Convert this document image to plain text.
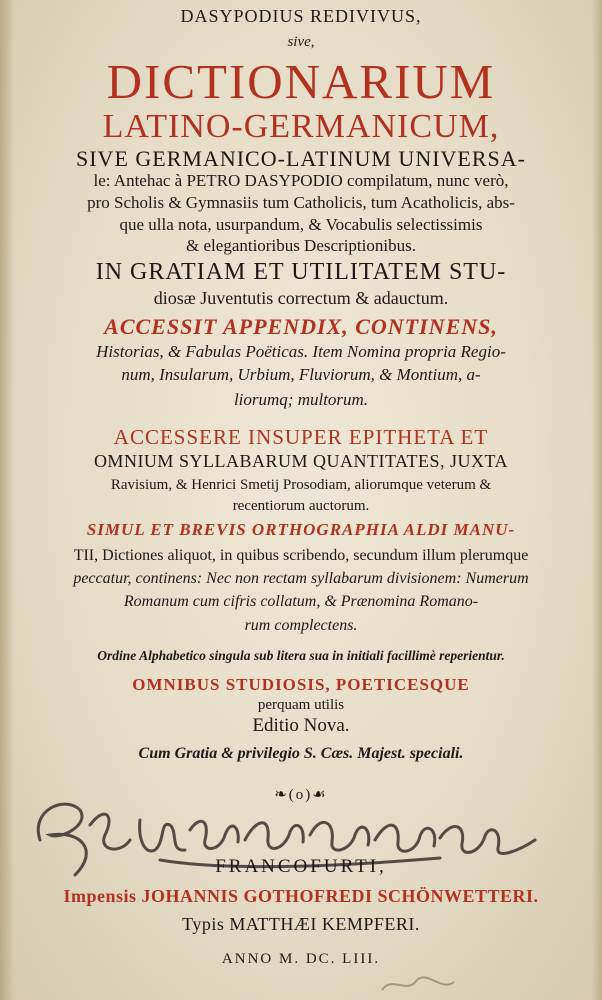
DASYPODIUS REDIVIVUS,
sive,
DICTIONARIUM
LATINO-GERMANICUM,
SIVE GERMANICO-LATINUM UNIVERSA-
le: Antehac à PETRO DASYPODIO compilatum, nunc verò,
pro Scholis & Gymnasiis tum Catholicis, tum Acatholicis, abs-
que ulla nota, usurpandum, & Vocabulis selectissimis
& elegantioribus Descriptionibus.
IN GRATIAM ET UTILITATEM STU-
diosæ Juventutis correctum & adauctum.
ACCESSIT APPENDIX, CONTINENS,
Historias, & Fabulas Poëticas. Item Nomina propria Regio-
num, Insularum, Urbium, Fluviorum, & Montium, a-
liorumq; multorum.
ACCESSERE INSUPER EPITHETA ET
OMNIUM SYLLABARUM QUANTITATES, JUXTA
Ravisium, & Henrici Smetij Prosodiam, aliorumque veterum &
recentiorum auctorum.
SIMUL ET BREVIS ORTHOGRAPHIA ALDI MANU-
TII, Dictiones aliquot, in quibus scribendo, secundum illum plerumque
peccatur, continens: Nec non rectam syllabarum divisionem: Numerum
Romanum cum cifris collatum, & Prænomina Romano-
rum complectens.
Ordine Alphabetico singula sub litera sua in initiali facillimè reperientur.
OMNIBUS STUDIOSIS, POETICESQUE
perquam utilis
Editio Nova.
Cum Gratia & privilegio S. Cæs. Majest. speciali.
❧(o)☙
FRANCOFURTI,
Impensis JOHANNIS GOTHOFREDI SCHÖNWETTERI.
Typis MATTHÆI KEMPFERI.
ANNO M. DC. LIII.
